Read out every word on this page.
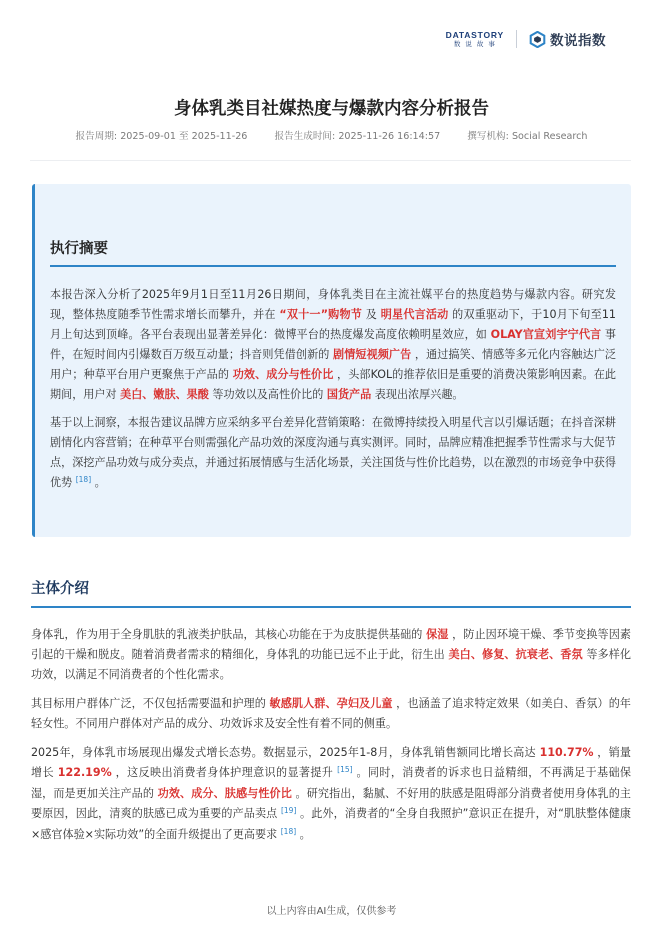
DATASTORY
数说故事	数说指数
身体乳类目社媒热度与爆款内容分析报告
报告周期: 2025-09-01 至 2025-11-26	报告生成时间: 2025-11-26 16:14:57	撰写机构: Social Research
执行摘要

本报告深入分析了2025年9月1日至11月26日期间，身体乳类目在主流社媒平台的热度趋势与爆款内容。研究发现，整体热度随季节性需求增长而攀升，并在 “双十一”购物节 及 明星代言活动 的双重驱动下，于10月下旬至11月上旬达到顶峰。各平台表现出显著差异化：微博平台的热度爆发高度依赖明星效应，如 OLAY官宣刘宇宁代言 事件，在短时间内引爆数百万级互动量；抖音则凭借创新的 剧情短视频广告 ，通过搞笑、情感等多元化内容触达广泛用户；种草平台用户更聚焦于产品的 功效、成分与性价比 ，头部KOL的推荐依旧是重要的消费决策影响因素。在此期间，用户对 美白、嫩肤、果酸 等功效以及高性价比的 国货产品 表现出浓厚兴趣。

基于以上洞察，本报告建议品牌方应采纳多平台差异化营销策略：在微博持续投入明星代言以引爆话题；在抖音深耕剧情化内容营销；在种草平台则需强化产品功效的深度沟通与真实测评。同时，品牌应精准把握季节性需求与大促节点，深挖产品功效与成分卖点，并通过拓展情感与生活化场景，关注国货与性价比趋势，以在激烈的市场竞争中获得优势 [18] 。

主体介绍

身体乳，作为用于全身肌肤的乳液类护肤品，其核心功能在于为皮肤提供基础的 保湿 ，防止因环境干燥、季节变换等因素引起的干燥和脱皮。随着消费者需求的精细化，身体乳的功能已远不止于此，衍生出 美白、修复、抗衰老、香氛 等多样化功效，以满足不同消费者的个性化需求。

其目标用户群体广泛，不仅包括需要温和护理的 敏感肌人群、孕妇及儿童 ，也涵盖了追求特定效果（如美白、香氛）的年轻女性。不同用户群体对产品的成分、功效诉求及安全性有着不同的侧重。

2025年，身体乳市场展现出爆发式增长态势。数据显示，2025年1-8月，身体乳销售额同比增长高达 110.77% ，销量增长 122.19% ，这反映出消费者身体护理意识的显著提升 [15] 。同时，消费者的诉求也日益精细，不再满足于基础保湿，而是更加关注产品的 功效、成分、肤感与性价比 。研究指出，黏腻、不好用的肤感是阻碍部分消费者使用身体乳的主要原因，因此，清爽的肤感已成为重要的产品卖点 [19] 。此外，消费者的“全身自我照护”意识正在提升，对“肌肤整体健康×感官体验×实际功效”的全面升级提出了更高要求 [18] 。

以上内容由AI生成，仅供参考
